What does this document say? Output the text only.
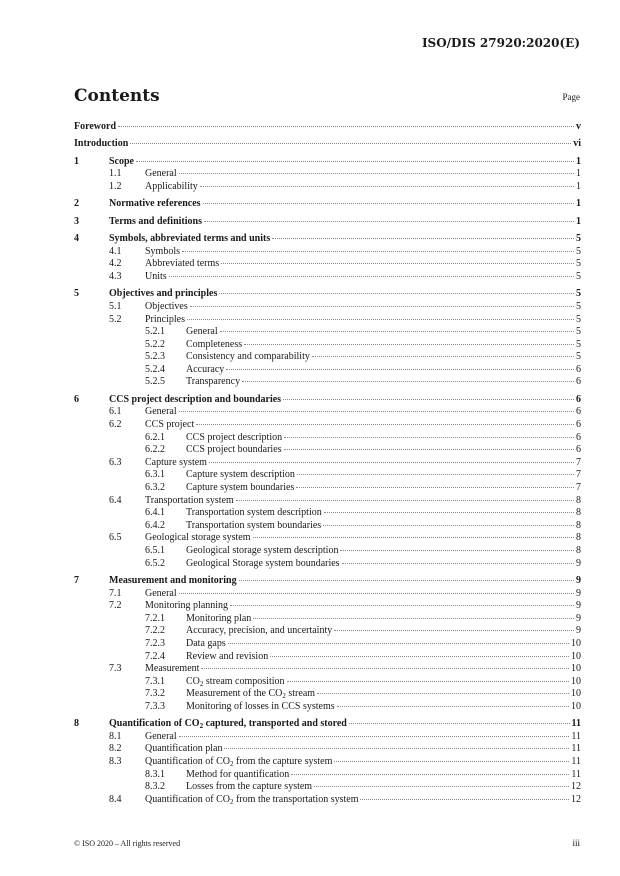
ISO/DIS 27920:2020(E)
Contents	Page
Foreword	v
Introduction	vi
1	Scope	1
1.1	General	1
1.2	Applicability	1
2	Normative references	1
3	Terms and definitions	1
4	Symbols, abbreviated terms and units	5
4.1	Symbols	5
4.2	Abbreviated terms	5
4.3	Units	5
5	Objectives and principles	5
5.1	Objectives	5
5.2	Principles	5
5.2.1	General	5
5.2.2	Completeness	5
5.2.3	Consistency and comparability	5
5.2.4	Accuracy	6
5.2.5	Transparency	6
6	CCS project description and boundaries	6
6.1	General	6
6.2	CCS project	6
6.2.1	CCS project description	6
6.2.2	CCS project boundaries	6
6.3	Capture system	7
6.3.1	Capture system description	7
6.3.2	Capture system boundaries	7
6.4	Transportation system	8
6.4.1	Transportation system description	8
6.4.2	Transportation system boundaries	8
6.5	Geological storage system	8
6.5.1	Geological storage system description	8
6.5.2	Geological Storage system boundaries	9
7	Measurement and monitoring	9
7.1	General	9
7.2	Monitoring planning	9
7.2.1	Monitoring plan	9
7.2.2	Accuracy, precision, and uncertainty	9
7.2.3	Data gaps	10
7.2.4	Review and revision	10
7.3	Measurement	10
7.3.1	$CO_2$ stream composition	10
7.3.2	Measurement of the $CO_2$ stream	10
7.3.3	Monitoring of losses in CCS systems	10
8	Quantification of $CO_2$ captured, transported and stored	11
8.1	General	11
8.2	Quantification plan	11
8.3	Quantification of $CO_2$ from the capture system	11
8.3.1	Method for quantification	11
8.3.2	Losses from the capture system	12
8.4	Quantification of $CO_2$ from the transportation system	12
© ISO 2020 – All rights reserved	iii
